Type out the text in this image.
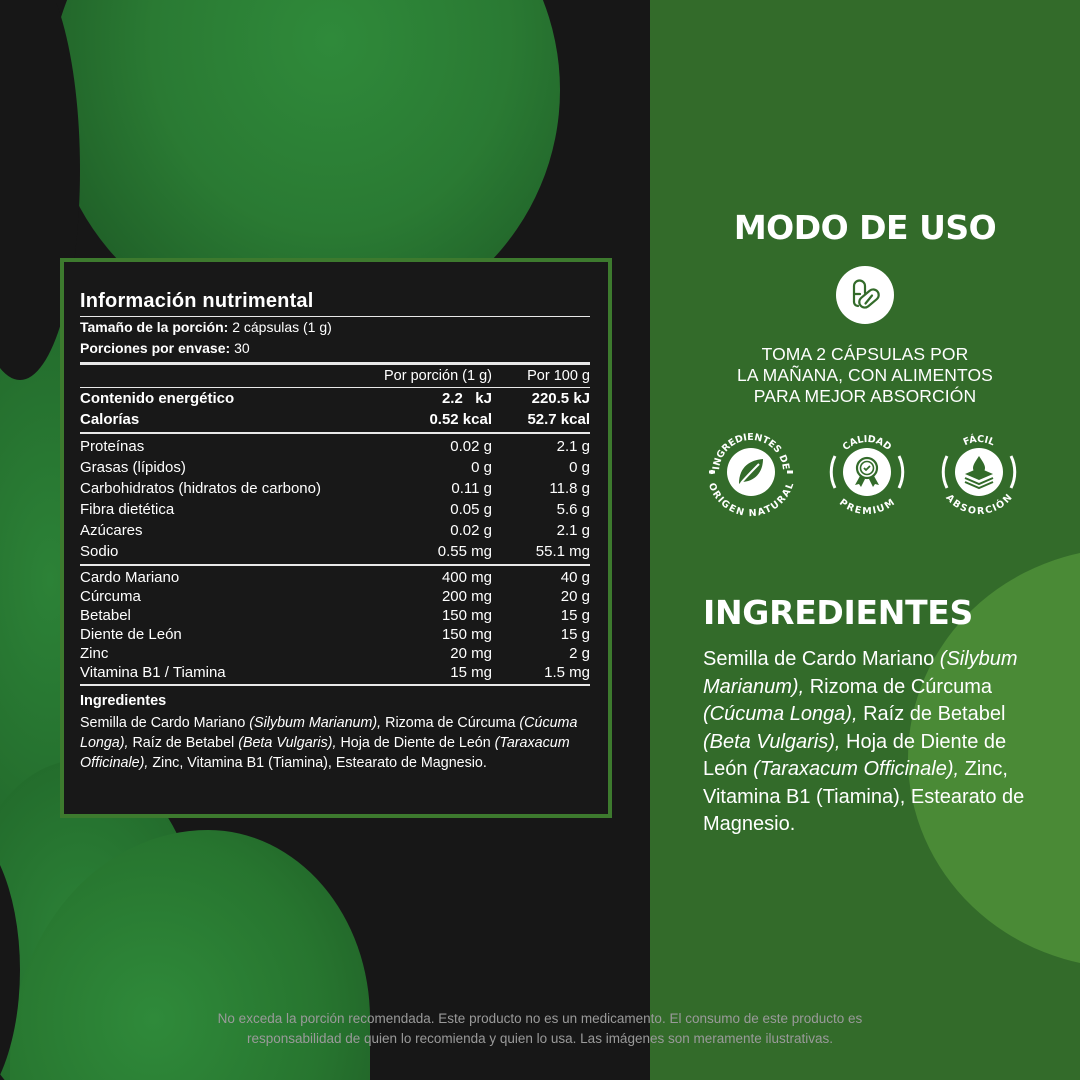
Información nutrimental
Tamaño de la porción: 2 cápsulas (1 g)
Porciones por envase: 30
Por porción (1 g)	Por 100 g
Contenido energético	2.2   kJ	220.5 kJ
Calorías	0.52 kcal	52.7 kcal
Proteínas	0.02 g	2.1 g
Grasas (lípidos)	0 g	0 g
Carbohidratos (hidratos de carbono)	0.11 g	11.8 g
Fibra dietética	0.05 g	5.6 g
Azúcares	0.02 g	2.1 g
Sodio	0.55 mg	55.1 mg
Cardo Mariano	400 mg	40 g
Cúrcuma	200 mg	20 g
Betabel	150 mg	15 g
Diente de León	150 mg	15 g
Zinc	20 mg	2 g
Vitamina B1 / Tiamina	15 mg	1.5 mg
Ingredientes
Semilla de Cardo Mariano (Silybum Marianum), Rizoma de Cúrcuma (Cúcuma Longa), Raíz de Betabel (Beta Vulgaris), Hoja de Diente de León (Taraxacum Officinale), Zinc, Vitamina B1 (Tiamina), Estearato de Magnesio.
MODO DE USO
TOMA 2 CÁPSULAS POR
LA MAÑANA, CON ALIMENTOS
PARA MEJOR ABSORCIÓN
INGREDIENTES DE
ORIGEN NATURAL
CALIDAD
PREMIUM
FÁCIL
ABSORCIÓN
INGREDIENTES
Semilla de Cardo Mariano (Silybum Marianum), Rizoma de Cúrcuma (Cúcuma Longa), Raíz de Betabel (Beta Vulgaris), Hoja de Diente de León (Taraxacum Officinale), Zinc, Vitamina B1 (Tiamina), Estearato de Magnesio.
No exceda la porción recomendada. Este producto no es un medicamento. El consumo de este producto es
responsabilidad de quien lo recomienda y quien lo usa. Las imágenes son meramente ilustrativas.
